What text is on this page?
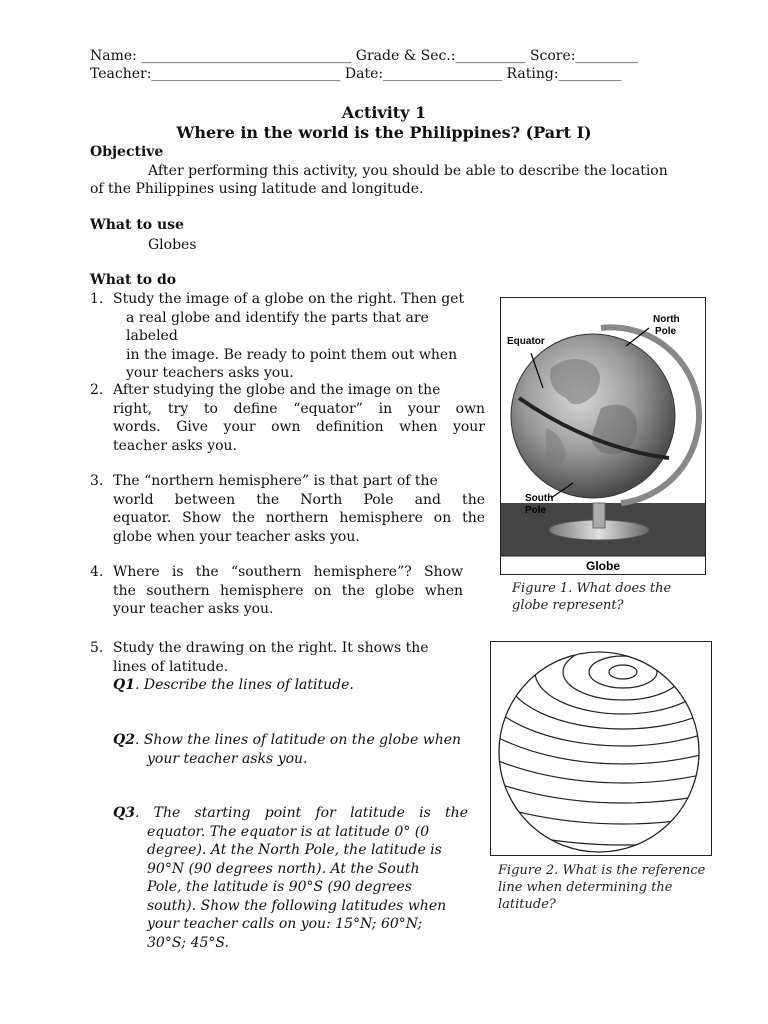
Name: ______________________________ Grade & Sec.:__________ Score:_________
Teacher:___________________________ Date:_________________ Rating:_________
Activity 1
Where in the world is the Philippines? (Part I)
Objective
After performing this activity, you should be able to describe the location
of the Philippines using latitude and longitude.
What to use
Globes
What to do
1. Study the image of a globe on the right. Then get
a real globe and identify the parts that are labeled
in the image. Be ready to point them out when
your teachers asks you.
2. After studying the globe and the image on the
right, try to define “equator” in your own
words. Give your own definition when your
teacher asks you.
3. The “northern hemisphere” is that part of the
world between the North Pole and the
equator. Show the northern hemisphere on the
globe when your teacher asks you.
4. Where is the “southern hemisphere”? Show
the southern hemisphere on the globe when
your teacher asks you.
5. Study the drawing on the right. It shows the
lines of latitude.
Q1. Describe the lines of latitude.
Q2. Show the lines of latitude on the globe when
your teacher asks you.
Q3. The starting point for latitude is the
equator. The equator is at latitude 0° (0
degree). At the North Pole, the latitude is
90°N (90 degrees north). At the South
Pole, the latitude is 90°S (90 degrees
south). Show the following latitudes when
your teacher calls on you: 15°N; 60°N;
30°S; 45°S.
North
Pole
Equator
South
Pole
Globe
Figure 1. What does the
globe represent?
Figure 2. What is the reference
line when determining the
latitude?
